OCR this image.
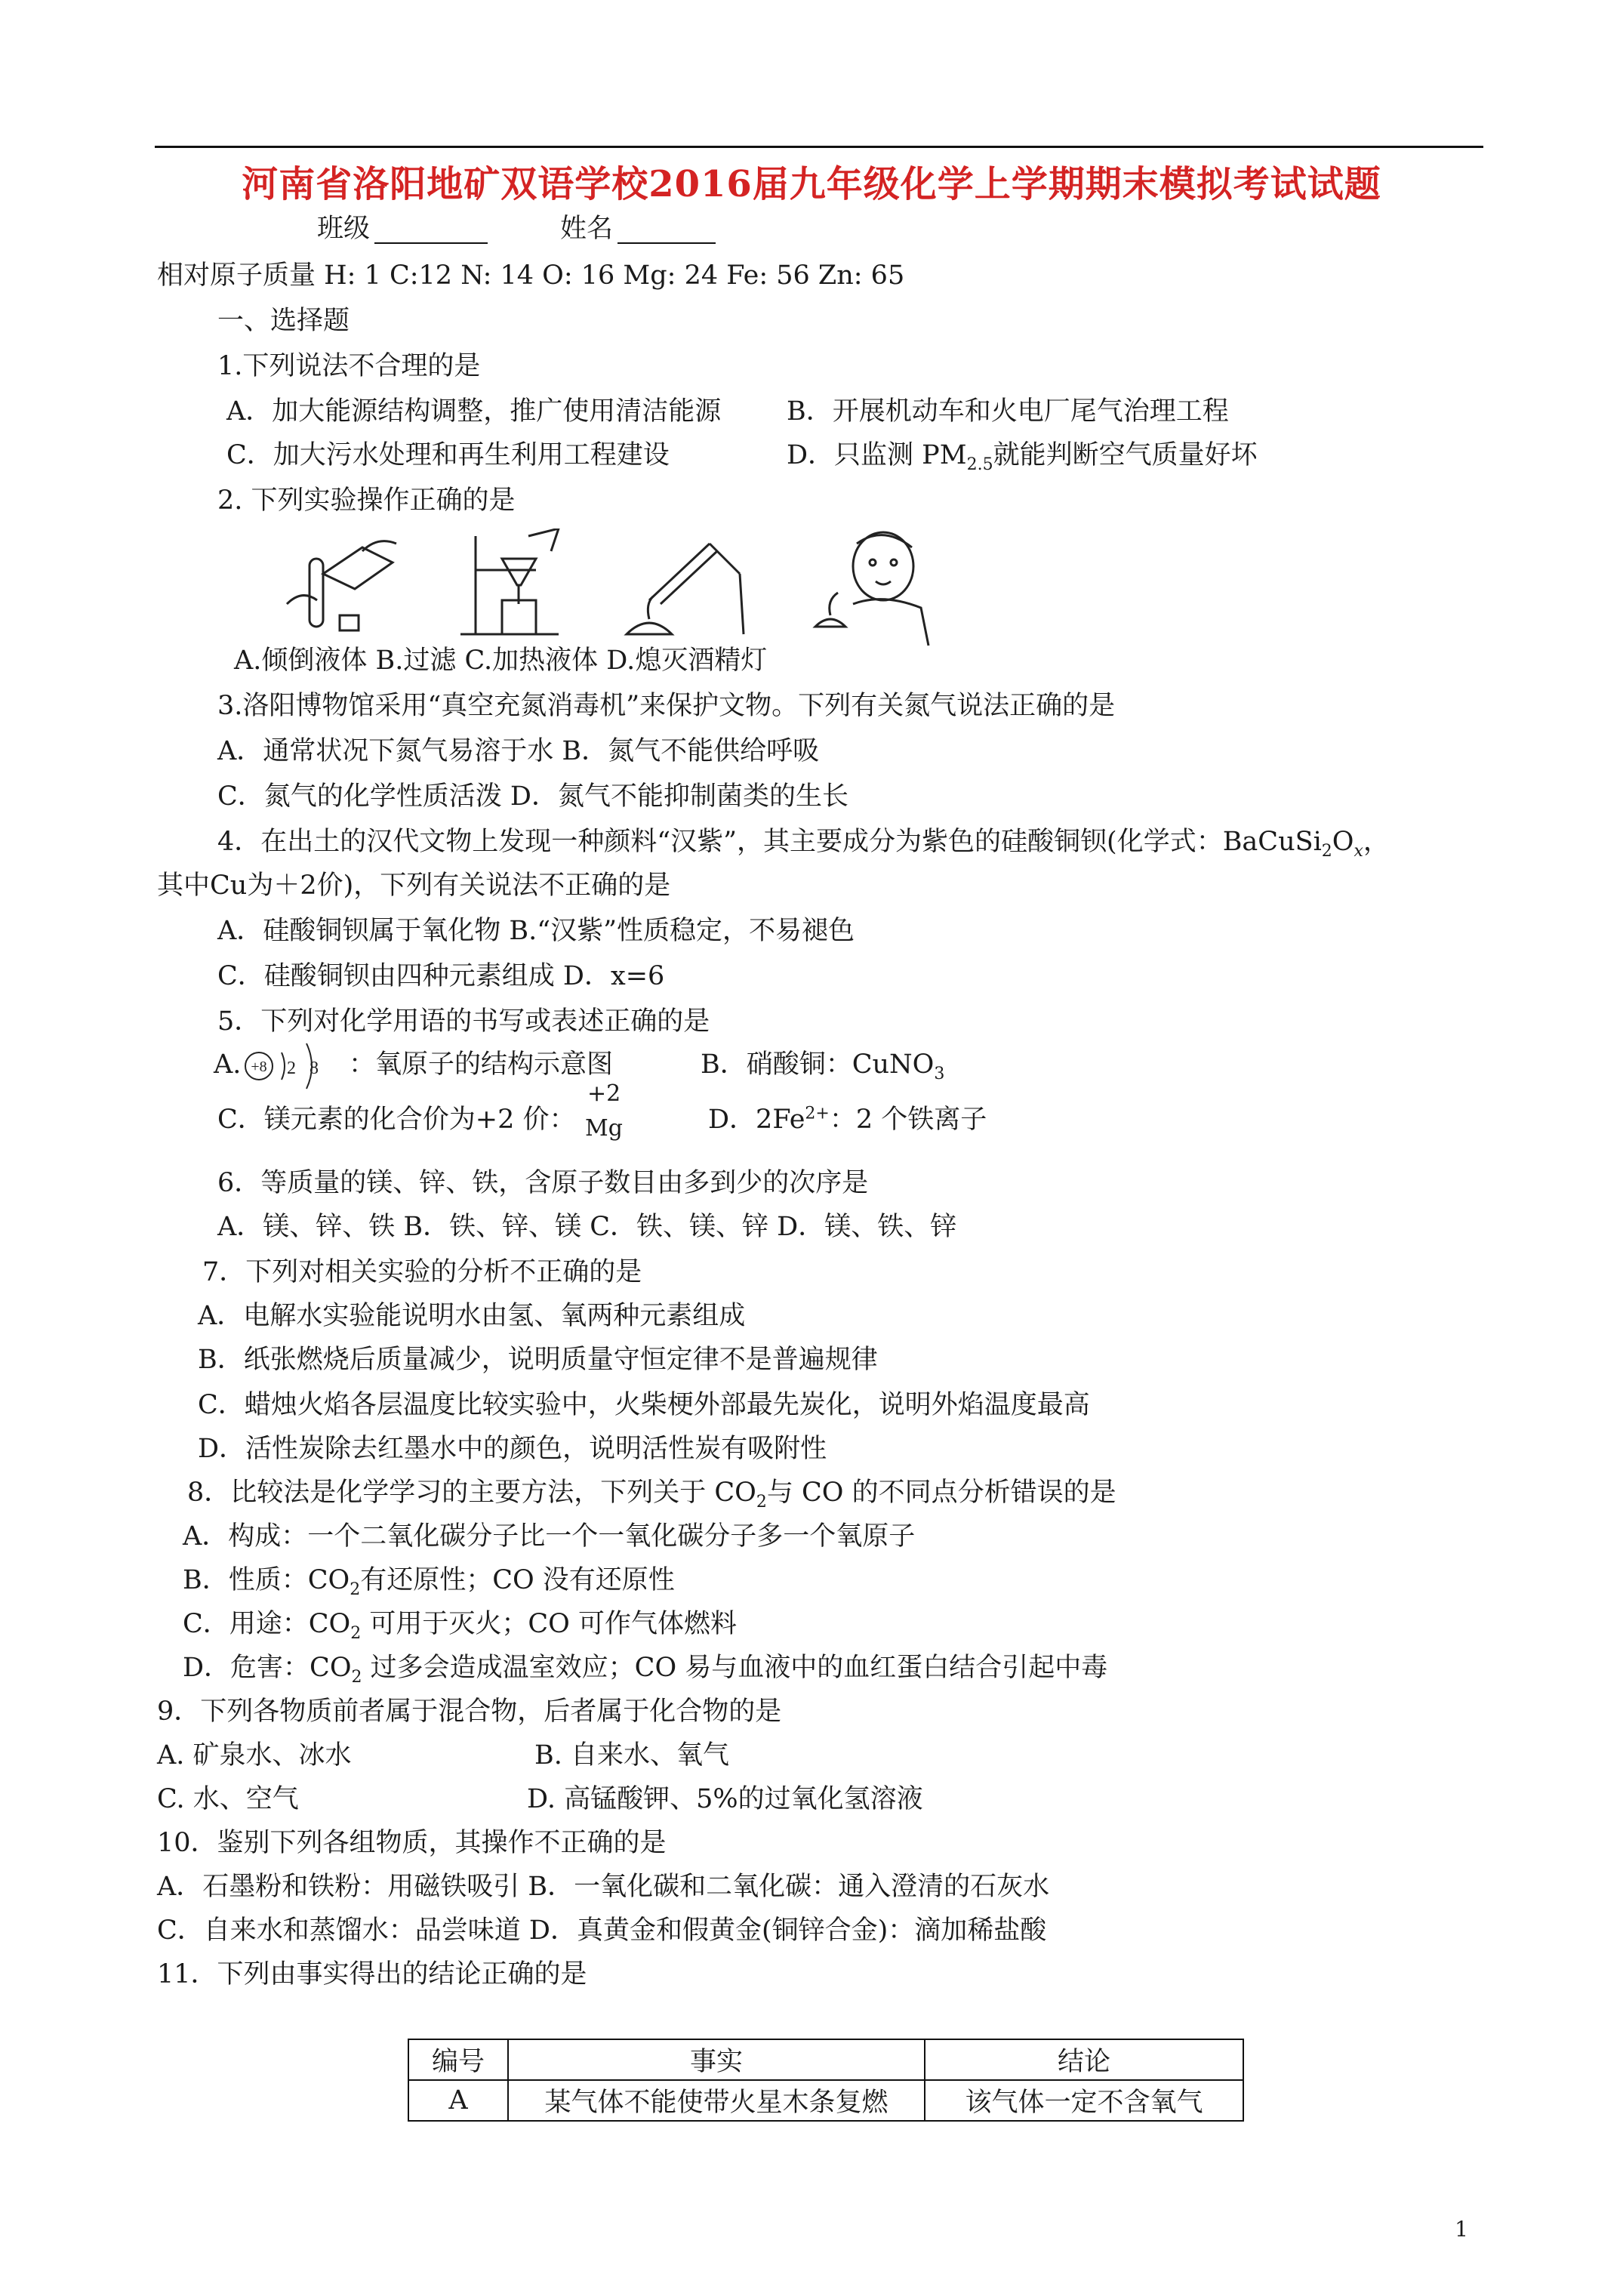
河南省洛阳地矿双语学校2016届九年级化学上学期期末模拟考试试题
班级	姓名
相对原子质量 H: 1 C:12 N: 14 O: 16 Mg: 24 Fe: 56 Zn: 65
一、选择题
1.下列说法不合理的是
A．加大能源结构调整，推广使用清洁能源 B．开展机动车和火电厂尾气治理工程
C．加大污水处理和再生利用工程建设	D．只监测 $PM_{2.5}$就能判断空气质量好坏
2. 下列实验操作正确的是
A.倾倒液体 B.过滤 C.加热液体 D.熄灭酒精灯
3.洛阳博物馆采用“真空充氮消毒机”来保护文物。下列有关氮气说法正确的是
A．通常状况下氮气易溶于水 B．氮气不能供给呼吸
C．氮气的化学性质活泼 D．氮气不能抑制菌类的生长
4．在出土的汉代文物上发现一种颜料“汉紫”，其主要成分为紫色的硅酸铜钡(化学式：$BaCuSi_2O_x$，
其中Cu为＋2价)，下列有关说法不正确的是
A．硅酸铜钡属于氧化物 B.“汉紫”性质稳定，不易褪色
C．硅酸铜钡由四种元素组成 D．x=6
5．下列对化学用语的书写或表述正确的是
A. +8 2 8 ：氧原子的结构示意图	B．硝酸铜：CuNO$_3$
C．镁元素的化合价为+2 价：
+2
Mg	D．$2Fe^{2+}$：2 个铁离子
6．等质量的镁、锌、铁，含原子数目由多到少的次序是
A．镁、锌、铁 B．铁、锌、镁 C．铁、镁、锌 D．镁、铁、锌
7．下列对相关实验的分析不正确的是
A．电解水实验能说明水由氢、氧两种元素组成
B．纸张燃烧后质量减少，说明质量守恒定律不是普遍规律
C．蜡烛火焰各层温度比较实验中，火柴梗外部最先炭化，说明外焰温度最高
D．活性炭除去红墨水中的颜色，说明活性炭有吸附性
8．比较法是化学学习的主要方法，下列关于 $CO_2$与 CO 的不同点分析错误的是
A．构成：一个二氧化碳分子比一个一氧化碳分子多一个氧原子
B．性质：$CO_2$有还原性；CO 没有还原性
C．用途：$CO_2$ 可用于灭火；CO 可作气体燃料
D．危害：$CO_2$ 过多会造成温室效应；CO 易与血液中的血红蛋白结合引起中毒
9．下列各物质前者属于混合物，后者属于化合物的是
A. 矿泉水、冰水	B. 自来水、氧气
C. 水、空气	D. 高锰酸钾、5%的过氧化氢溶液
10．鉴别下列各组物质，其操作不正确的是
A．石墨粉和铁粉：用磁铁吸引 B．一氧化碳和二氧化碳：通入澄清的石灰水
C．自来水和蒸馏水：品尝味道 D．真黄金和假黄金(铜锌合金)：滴加稀盐酸
11．下列由事实得出的结论正确的是
编号	事实	结论
A	某气体不能使带火星木条复燃	该气体一定不含氧气
1
